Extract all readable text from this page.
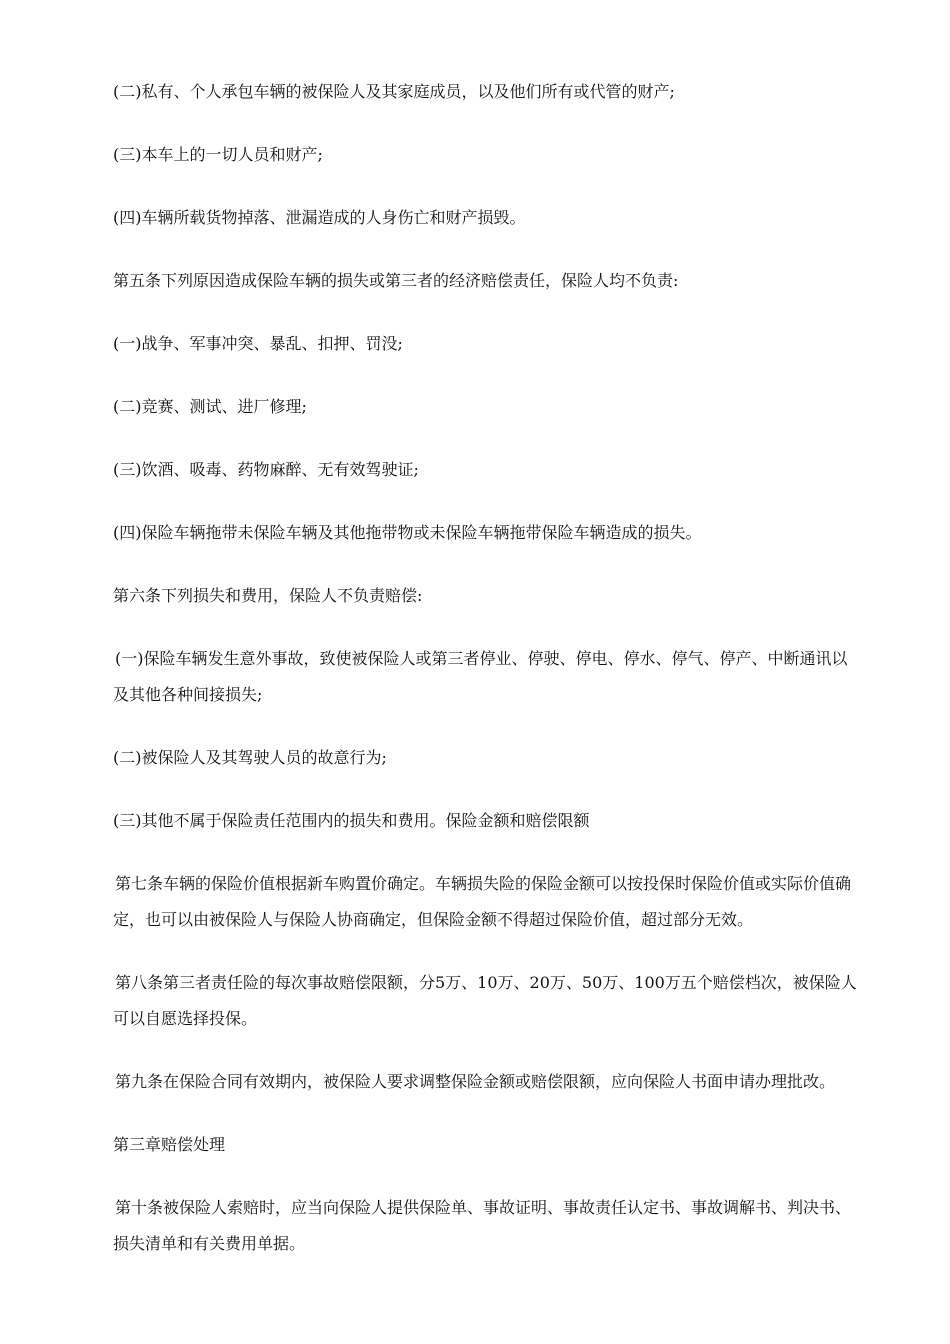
(二)私有、个人承包车辆的被保险人及其家庭成员，以及他们所有或代管的财产;

(三)本车上的一切人员和财产;

(四)车辆所载货物掉落、泄漏造成的人身伤亡和财产损毁。

第五条下列原因造成保险车辆的损失或第三者的经济赔偿责任，保险人均不负责:

(一)战争、军事冲突、暴乱、扣押、罚没;

(二)竞赛、测试、进厂修理;

(三)饮酒、吸毒、药物麻醉、无有效驾驶证;

(四)保险车辆拖带未保险车辆及其他拖带物或未保险车辆拖带保险车辆造成的损失。

第六条下列损失和费用，保险人不负责赔偿:

(一)保险车辆发生意外事故，致使被保险人或第三者停业、停驶、停电、停水、停气、停产、中断通讯以及其他各种间接损失;

(二)被保险人及其驾驶人员的故意行为;

(三)其他不属于保险责任范围内的损失和费用。保险金额和赔偿限额

第七条车辆的保险价值根据新车购置价确定。车辆损失险的保险金额可以按投保时保险价值或实际价值确定，也可以由被保险人与保险人协商确定，但保险金额不得超过保险价值，超过部分无效。

第八条第三者责任险的每次事故赔偿限额，分5万、10万、20万、50万、100万五个赔偿档次，被保险人可以自愿选择投保。

第九条在保险合同有效期内，被保险人要求调整保险金额或赔偿限额，应向保险人书面申请办理批改。

第三章赔偿处理

第十条被保险人索赔时，应当向保险人提供保险单、事故证明、事故责任认定书、事故调解书、判决书、损失清单和有关费用单据。
